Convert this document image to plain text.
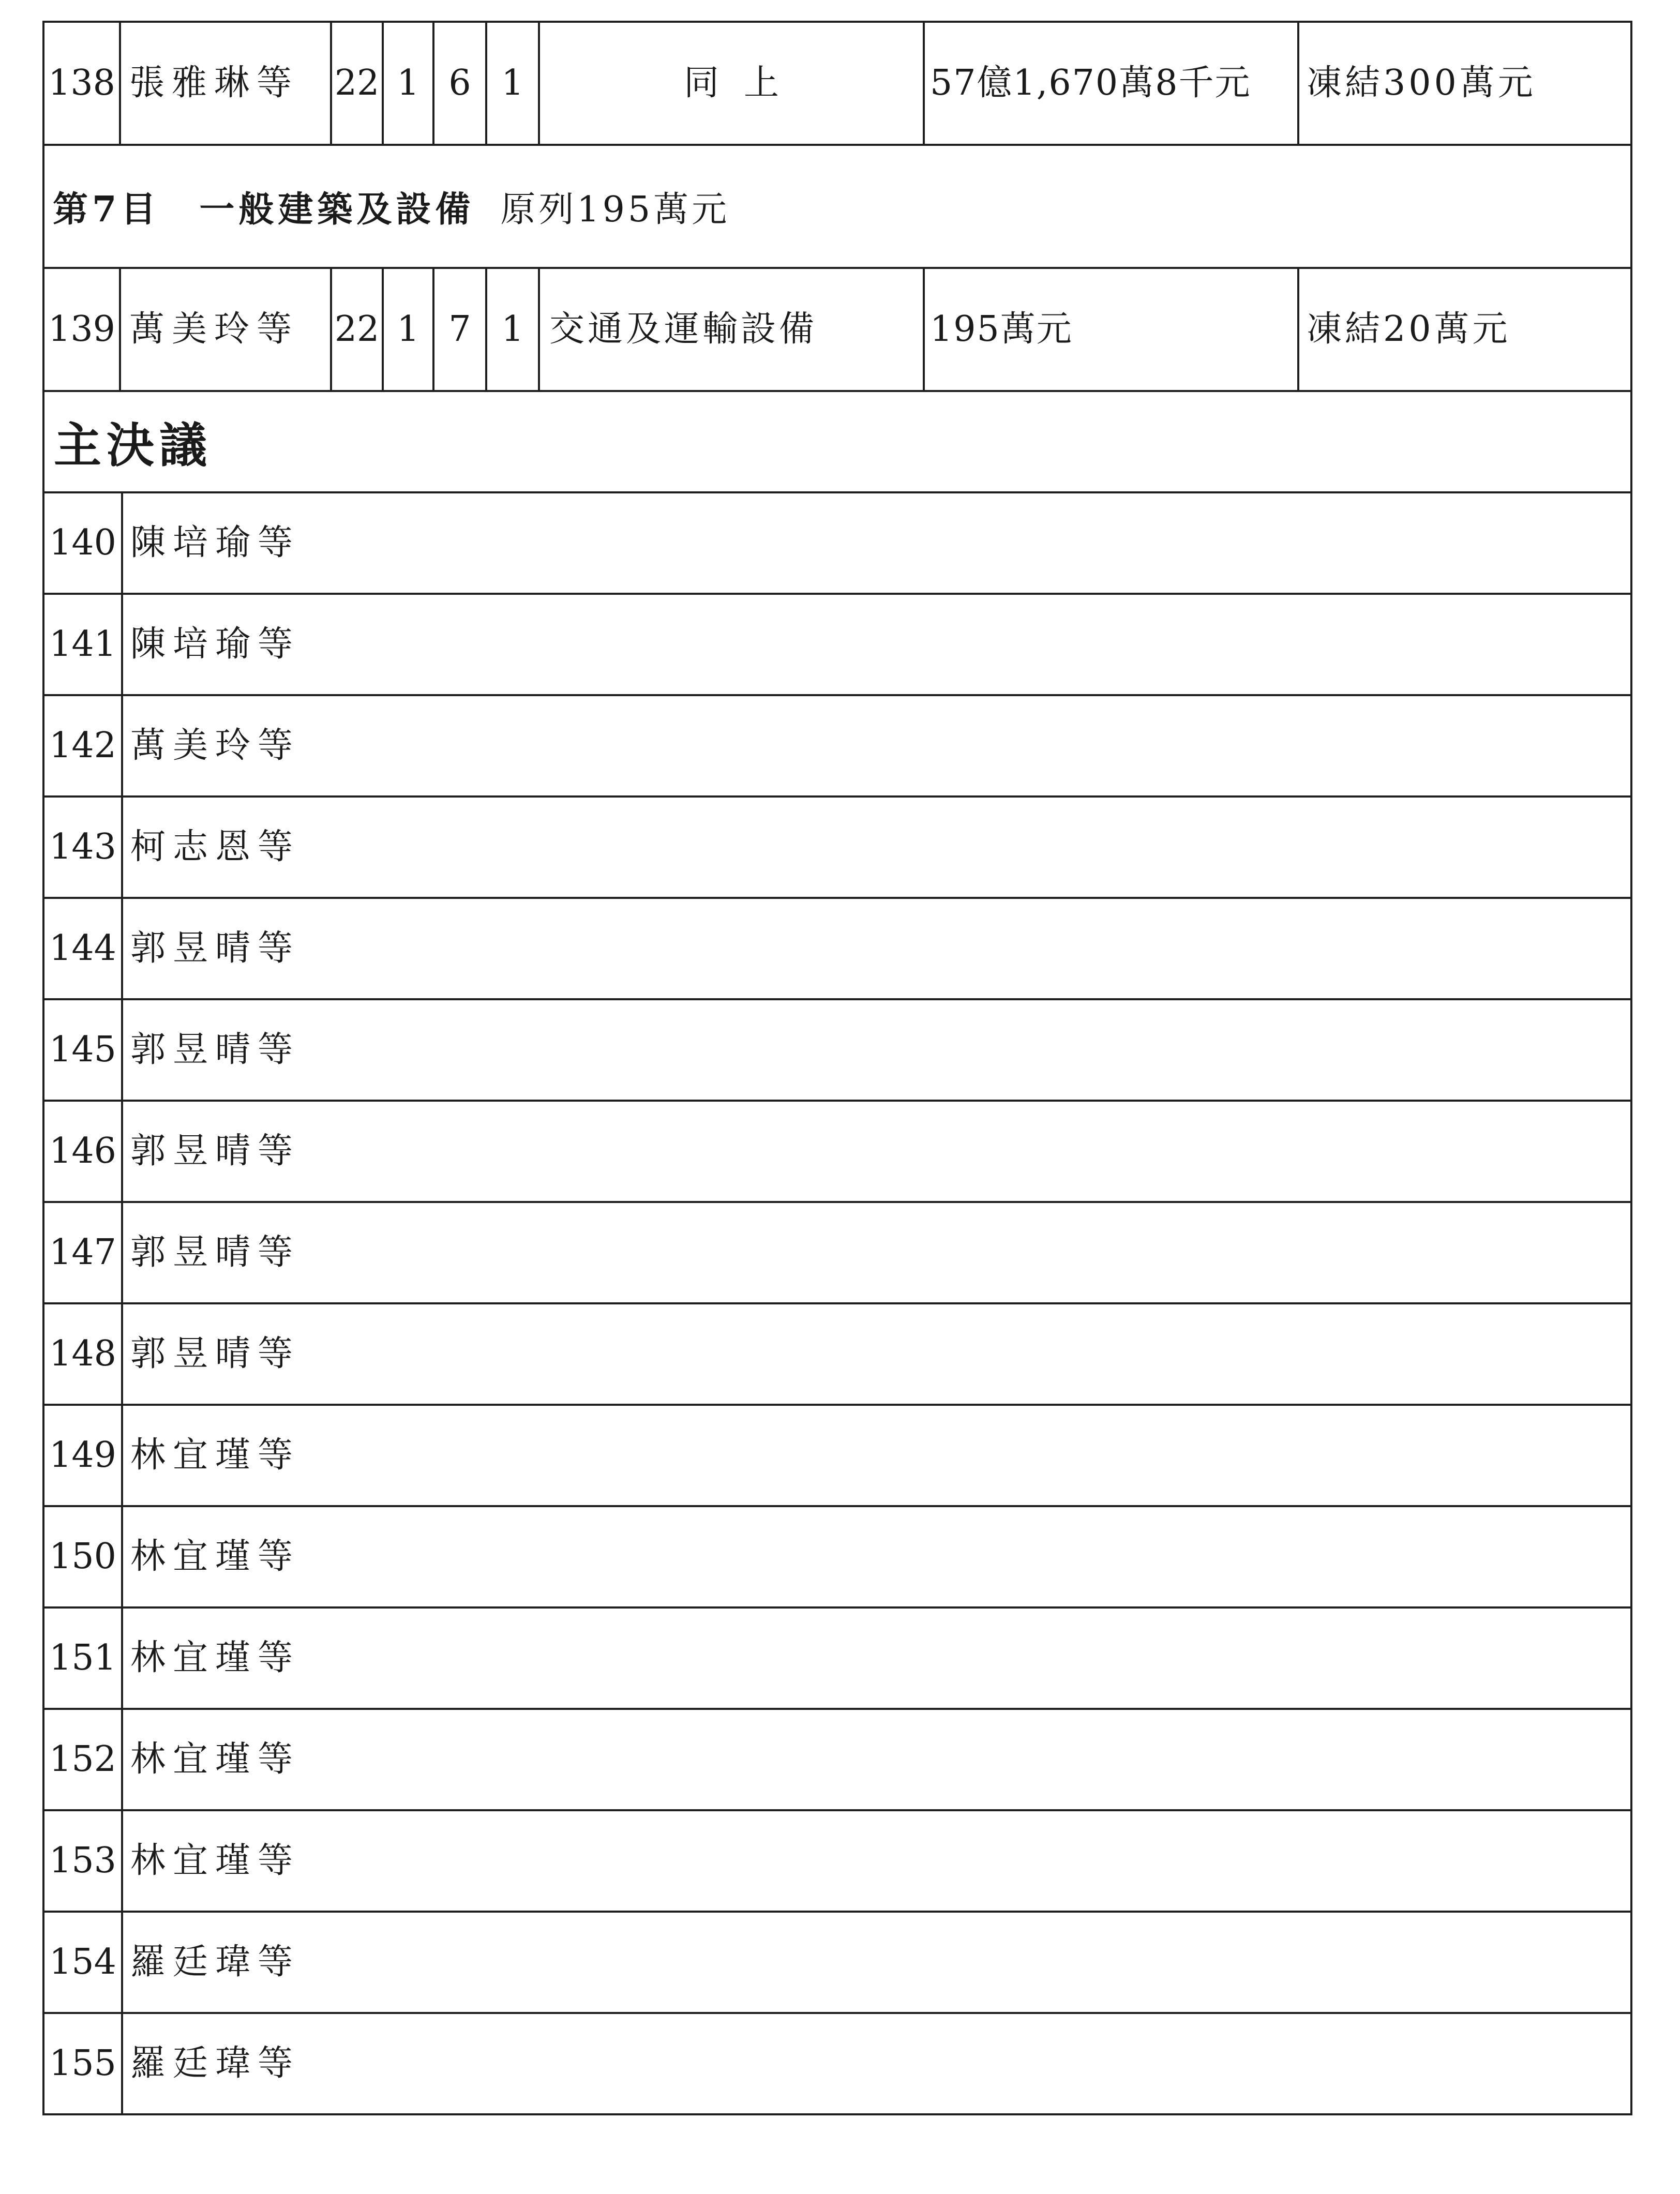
138 張雅琳等	22 1 6 1	同上	57億1,670萬8千元	凍結300萬元
第7目　一般建築及設備 原列195萬元
139 萬美玲等	22 1 7 1 交通及運輸設備	195萬元	凍結20萬元
主決議
140 陳培瑜等
141 陳培瑜等
142 萬美玲等
143 柯志恩等
144 郭昱晴等
145 郭昱晴等
146 郭昱晴等
147 郭昱晴等
148 郭昱晴等
149 林宜瑾等
150 林宜瑾等
151 林宜瑾等
152 林宜瑾等
153 林宜瑾等
154 羅廷瑋等
155 羅廷瑋等
